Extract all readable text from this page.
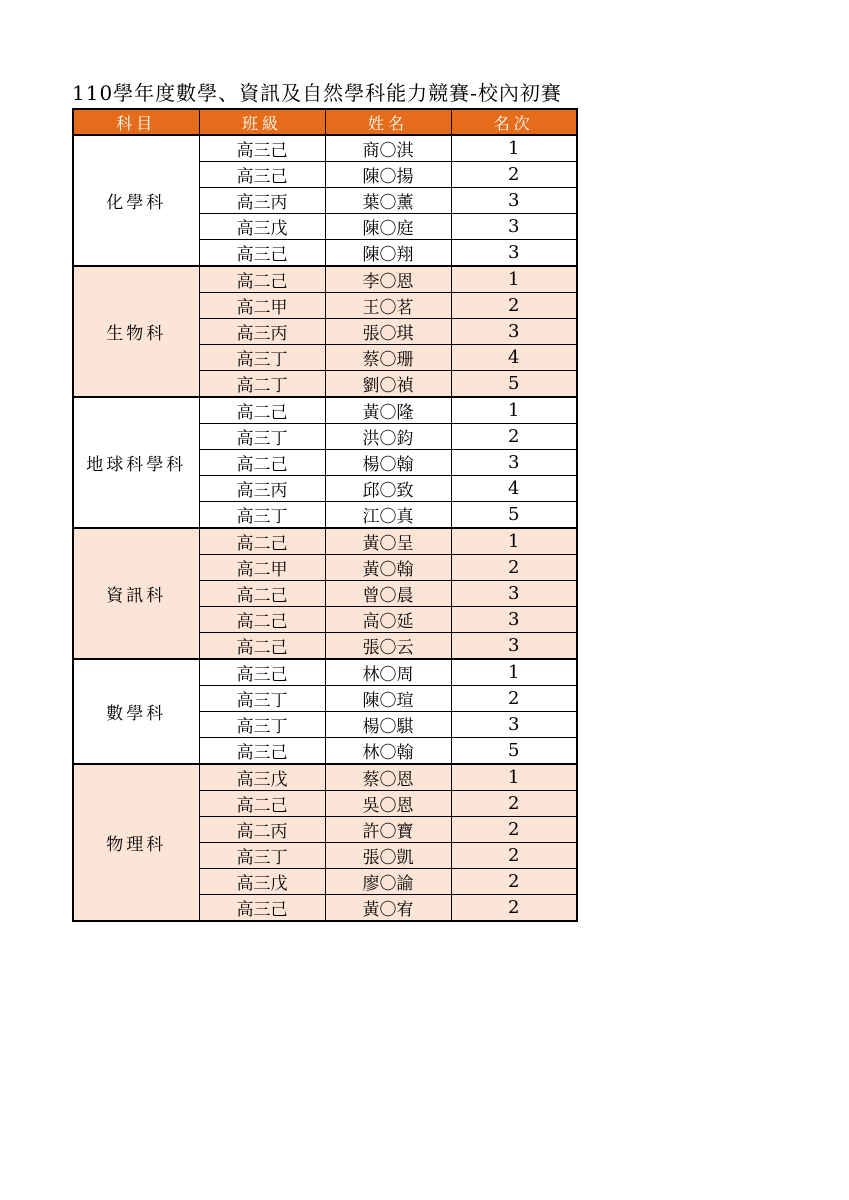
110學年度數學、資訊及自然學科能力競賽-校內初賽
科目	班級	姓名	名次
化學科	高三己	商〇淇	1
	高三己	陳〇揚	2
	高三丙	葉〇薰	3
	高三戊	陳〇庭	3
	高三己	陳〇翔	3
生物科	高二己	李〇恩	1
	高二甲	王〇茗	2
	高三丙	張〇琪	3
	高三丁	蔡〇珊	4
	高二丁	劉〇禎	5
地球科學科	高二己	黃〇隆	1
	高三丁	洪〇鈞	2
	高二己	楊〇翰	3
	高三丙	邱〇致	4
	高三丁	江〇真	5
資訊科	高二己	黃〇呈	1
	高二甲	黃〇翰	2
	高二己	曾〇晨	3
	高二己	高〇延	3
	高二己	張〇云	3
數學科	高三己	林〇周	1
	高三丁	陳〇瑄	2
	高三丁	楊〇騏	3
	高三己	林〇翰	5
物理科	高三戊	蔡〇恩	1
	高二己	吳〇恩	2
	高二丙	許〇寶	2
	高三丁	張〇凱	2
	高三戊	廖〇諭	2
	高三己	黃〇宥	2
